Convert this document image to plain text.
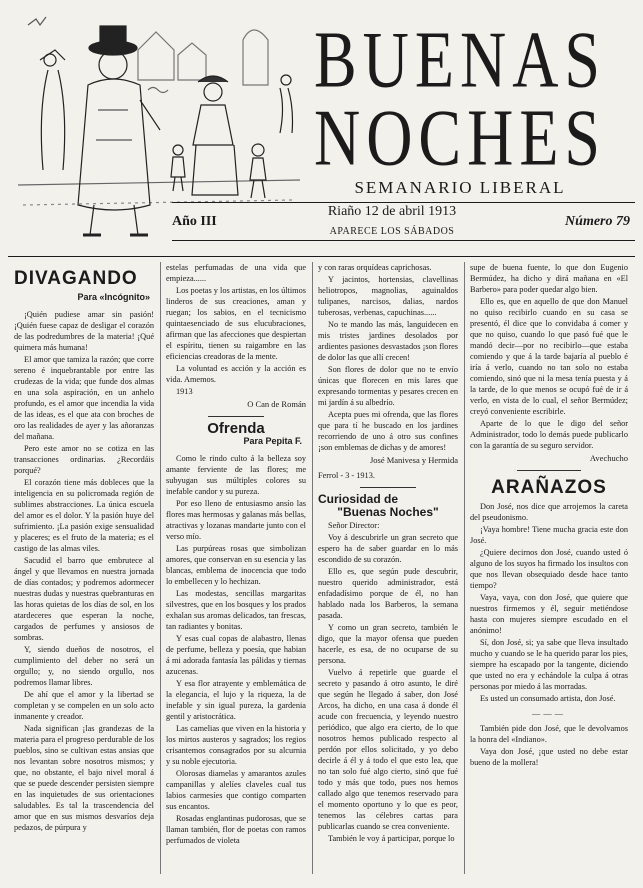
BUENAS
NOCHES
SEMANARIO LIBERAL
Año III
Riaño 12 de abril 1913
Número 79
APARECE LOS SÁBADOS
DIVAGANDO
Para «Incógnito»

¡Quién pudiese amar sin pasión! ¡Quién fuese capaz de desligar el corazón de las podredumbres de la materia! ¡Qué quimera más humana!

El amor que tamiza la razón; que corre sereno é inquebrantable por entre las crudezas de la vida; que funde dos almas en una sola aspiración, en un anhelo profundo, es el amor que incendia la vida de las ideas, es el que ata con broches de oro las realidades de ayer y las añoranzas del mañana.

Pero este amor no se cotiza en las transacciones ordinarias. ¿Recordáis porqué?

El corazón tiene más dobleces que la inteligencia en su policromada región de sublimes abstracciones. La única escuela del amor es el dolor. Y la pasión huye del sufrimiento. ¡La pasión exige sensualidad y placeres; es el fruto de la materia; es el castigo de las almas viles.

Sacudid el barro que embrutece al ángel y que llevamos en nuestra jornada de días contados; y podremos adormecer nuestras dudas y nuestras quebranturas en las horas quietas de los días de sol, en los atardeceres que esperan la noche, cargados de perfumes y ansiosos de sombras.

Y, siendo dueños de nosotros, el cumplimiento del deber no será un orgullo; y, no siendo orgullo, nos podremos llamar libres.

De ahí que el amor y la libertad se completan y se compelen en un solo acto inmanente y creador.

Nada significan ¡las grandezas de la materia para el progreso perdurable de los pueblos, sino se cultivan estas ansias que nos levantan sobre nosotros mismos; y que, no obstante, el bajo nivel moral á que se puede descender persisten siempre en las inquietudes de sus orientaciones saludables. Es tal la trascendencia del amor que en sus mismos desvaríos deja pedazos, de púrpura y

estelas perfumadas de una vida que empieza......

Los poetas y los artistas, en los últimos linderos de sus creaciones, aman y ruegan; los sabios, en el tecnicismo quintaesenciado de sus elucubraciones, afirman que las afecciones que despiertan el espíritu, tienen su raigambre en las eficiencias creadoras de la mente.

La voluntad es acción y la acción es vida. Amemos.

1913

O Can de Román
Ofrenda
Para Pepita F.

Como le rindo culto á la belleza soy amante ferviente de las flores; me subyugan sus múltiples colores su inefable candor y su pureza.

Por eso lleno de entusiasmo ansío las flores mas hermosas y galanas más bellas, atractivas y lozanas mandarte junto con el verso mío.

Las purpúreas rosas que simbolizan amores, que conservan en su esencia y las blancas, emblema de inocencia que todo lo embellecen y lo hechizan.

Las modestas, sencillas margaritas silvestres, que en los bosques y los prados exhalan sus aromas delicados, tan frescas, tan radiantes y bonitas.

Y esas cual copas de alabastro, llenas de perfume, belleza y poesía, que habian á mi adorada fantasía las pálidas y tiernas azucenas.

Y esa flor atrayente y emblemática de la elegancia, el lujo y la riqueza, la de inefable y sin igual pureza, la gardenia gentil y aristocrática.

Las camelias que viven en la historia y los mirtos austeros y sagrados; los regios crisantemos consagrados por su alcurnia y su noble ejecutoria.

Olorosas diamelas y amarantos azules campanillas y alelíes claveles cual tus labios carmesíes que contigo comparten sus encantos.

Rosadas englantinas pudorosas, que se llaman también, flor de poetas con ramos perfumados de violeta

y con raras orquídeas caprichosas.

Y jacintos, hortensias, clavellinas heliotropos, magnolias, aguinaldos tulipanes, narcisos, dalias, nardos tuberosas, verbenas, capuchinas......

No te mando las más, languidecen en mis tristes jardines desolados por ardientes pasiones desvastados ¡son flores de dolor las que allí crecen!

Son flores de dolor que no te envío únicas que florecen en mis lares que expresando tormentas y pesares crecen en mi jardín á su albedrío.

Acepta pues mi ofrenda, que las flores que para tí he buscado en los jardines recorriendo de uno á otro sus confines ¡son emblemas de dichas y de amores!

José Manivesa y Hermida

Ferrol - 3 - 1913.

Curiosidad de
"Buenas Noches"

Señor Director:

Voy á descubrirle un gran secreto que espero ha de saber guardar en lo más escondido de su corazón.

Ello es, que según pude descubrir, nuestro querido administrador, está enfadadísimo porque de él, no han hablado nada los Barberos, la semana pasada.

Y como un gran secreto, también le digo, que la mayor ofensa que pueden hacerle, es esa, de no ocuparse de su persona.

Vuelvo á repetirle que guarde el secreto y pasando á otro asunto, le diré que según he llegado á saber, don José Arcos, ha dicho, en una casa á donde él acude con frecuencia, y leyendo nuestro periódico, que algo era cierto, de lo que nosotros hemos publicado respecto al perdón por ellos solicitado, y yo debo decirle á él y á todo el que esto lea, que no tan solo fué algo cierto, sinó que fué todo y más que todo, pues nos hemos callado algo que tenemos reservado para el momento oportuno y lo que es peor, tenemos las célebres cartas para publicarlas cuando se crea conveniente.

También le voy á participar, porque lo

supe de buena fuente, lo que don Eugenio Bermúdez, ha dicho y dirá mañana en «El Barbero» para poder quedar algo bien.

Ello es, que en aquello de que don Manuel no quiso recibirlo cuando en su casa se presentó, él dice que lo convidaba á comer y que no quiso, cuando lo que pasó fué que le mandó decir—por no recibirlo—que estaba comiendo y que á la tarde bajaría al pueblo é iría á verlo, cuando no tan solo no estaba comiendo, sinó que ni la mesa tenía puesta y á la tarde, de lo que menos se ocupó fué de ir á verlo, en vista de lo cual, el señor Bermúdez; creyó conveniente escribirle.

Aparte de lo que le digo del señor Administrador, todo lo demás puede publicarlo con la garantía de su seguro servidor.

Avechucho
ARAÑAZOS

Don José, nos dice que arrojemos la careta del pseudonismo.

¡Vaya hombre! Tiene mucha gracia este don José.

¿Quiere decirnos don José, cuando usted ó alguno de los suyos ha firmado los insultos con que nos llevan obsequiado desde hace tanto tiempo?

Vaya, vaya, con don José, que quiere que nuestros firmemos y él, seguir metiéndose hasta con mujeres siempre escudado en el anónimo!

Sí, don José, si; ya sabe que lleva insultado mucho y cuando se le ha querido parar los pies, siempre ha escapado por la tangente, diciendo que usted no era y echándole la culpa á otras personas por miedo á las morradas.

Es usted un consumado artista, don José.

———

También pide don José, que le devolvamos la honra del «Indiano».

Vaya don José, ¡que usted no debe estar bueno de la mollera!
